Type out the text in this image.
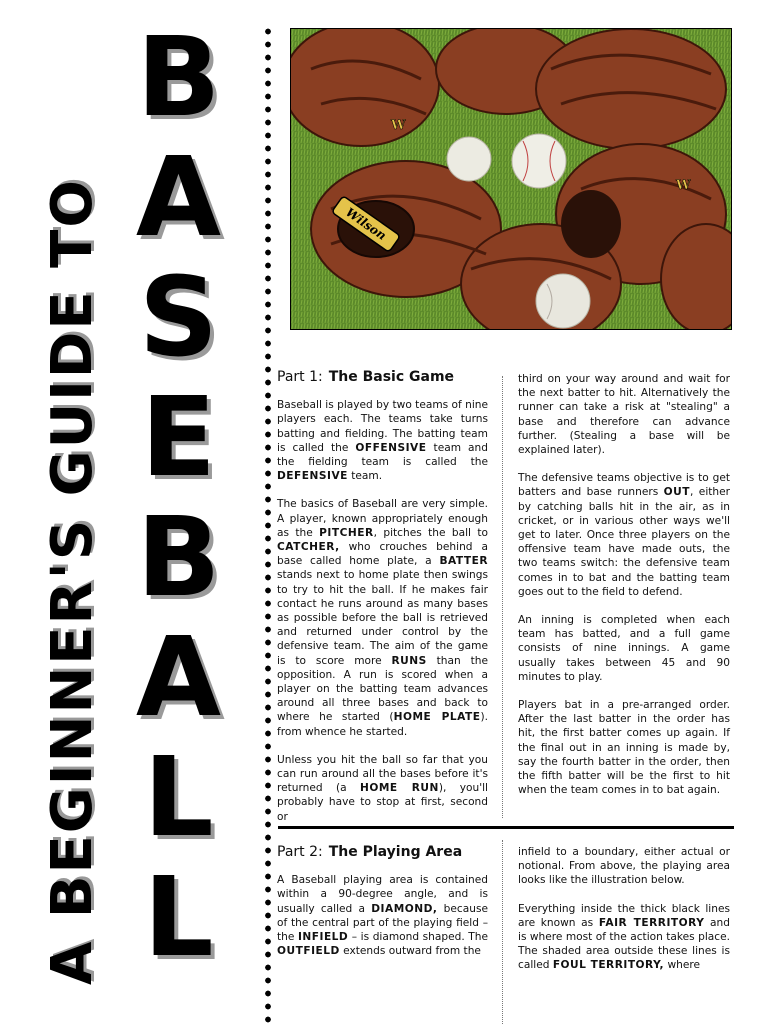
A BEGINNER'S GUIDE TO
B
A
S
E
B
A
L
L
Wilson
W
W
Part 1: The Basic Game

Baseball is played by two teams of nine players each. The teams take turns batting and fielding. The batting team is called the OFFENSIVE team and the fielding team is called the DEFENSIVE team.

The basics of Baseball are very simple. A player, known appropriately enough as the PITCHER, pitches the ball to CATCHER, who crouches behind a base called home plate, a BATTER stands next to home plate then swings to try to hit the ball. If he makes fair contact he runs around as many bases as possible before the ball is retrieved and returned under control by the defensive team. The aim of the game is to score more RUNS than the opposition. A run is scored when a player on the batting team advances around all three bases and back to where he started (HOME PLATE). from whence he started.

Unless you hit the ball so far that you can run around all the bases before it's returned (a HOME RUN), you'll probably have to stop at first, second or

third on your way around and wait for the next batter to hit. Alternatively the runner can take a risk at "stealing" a base and therefore can advance further. (Stealing a base will be explained later).

The defensive teams objective is to get batters and base runners OUT, either by catching balls hit in the air, as in cricket, or in various other ways we'll get to later. Once three players on the offensive team have made outs, the two teams switch: the defensive team comes in to bat and the batting team goes out to the field to defend.

An inning is completed when each team has batted, and a full game consists of nine innings. A game usually takes between 45 and 90 minutes to play.

Players bat in a pre-arranged order. After the last batter in the order has hit, the first batter comes up again. If the final out in an inning is made by, say the fourth batter in the order, then the fifth batter will be the first to hit when the team comes in to bat again.

Part 2: The Playing Area

A Baseball playing area is contained within a 90-degree angle, and is usually called a DIAMOND, because of the central part of the playing field – the INFIELD – is diamond shaped. The OUTFIELD extends outward from the

infield to a boundary, either actual or notional. From above, the playing area looks like the illustration below.

Everything inside the thick black lines are known as FAIR TERRITORY and is where most of the action takes place. The shaded area outside these lines is called FOUL TERRITORY, where
